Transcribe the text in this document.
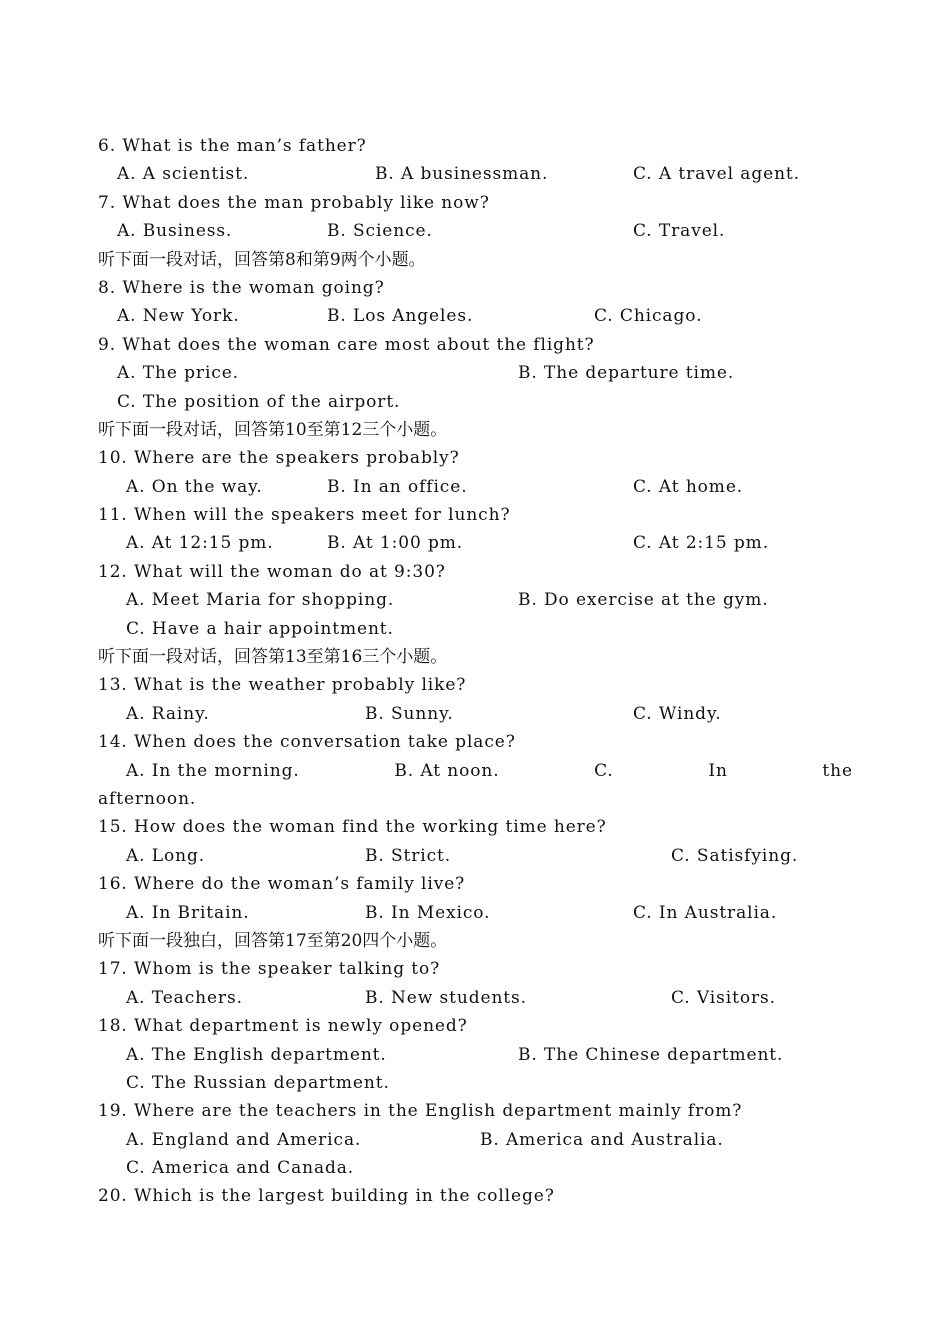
6. What is the man’s father?
A. A scientist.	B. A businessman.	C. A travel agent.
7. What does the man probably like now?
A. Business.	B. Science.	C. Travel.
听下面一段对话，回答第8和第9两个小题。
8. Where is the woman going?
A. New York.	B. Los Angeles.	C. Chicago.
9. What does the woman care most about the flight?
A. The price.	B. The departure time.
C. The position of the airport.
听下面一段对话，回答第10至第12三个小题。
10. Where are the speakers probably?
A. On the way.	B. In an office.	C. At home.
11. When will the speakers meet for lunch?
A. At 12:15 pm.	B. At 1:00 pm.	C. At 2:15 pm.
12. What will the woman do at 9:30?
A. Meet Maria for shopping.	B. Do exercise at the gym.
C. Have a hair appointment.
听下面一段对话，回答第13至第16三个小题。
13. What is the weather probably like?
A. Rainy.	B. Sunny.	C. Windy.
14. When does the conversation take place?
A. In the morning.	B. At noon.	C.	In	the
afternoon.
15. How does the woman find the working time here?
A. Long.	B. Strict.	C. Satisfying.
16. Where do the woman’s family live?
A. In Britain.	B. In Mexico.	C. In Australia.
听下面一段独白，回答第17至第20四个小题。
17. Whom is the speaker talking to?
A. Teachers.	B. New students.	C. Visitors.
18. What department is newly opened?
A. The English department.	B. The Chinese department.
C. The Russian department.
19. Where are the teachers in the English department mainly from?
A. England and America.	B. America and Australia.
C. America and Canada.
20. Which is the largest building in the college?
